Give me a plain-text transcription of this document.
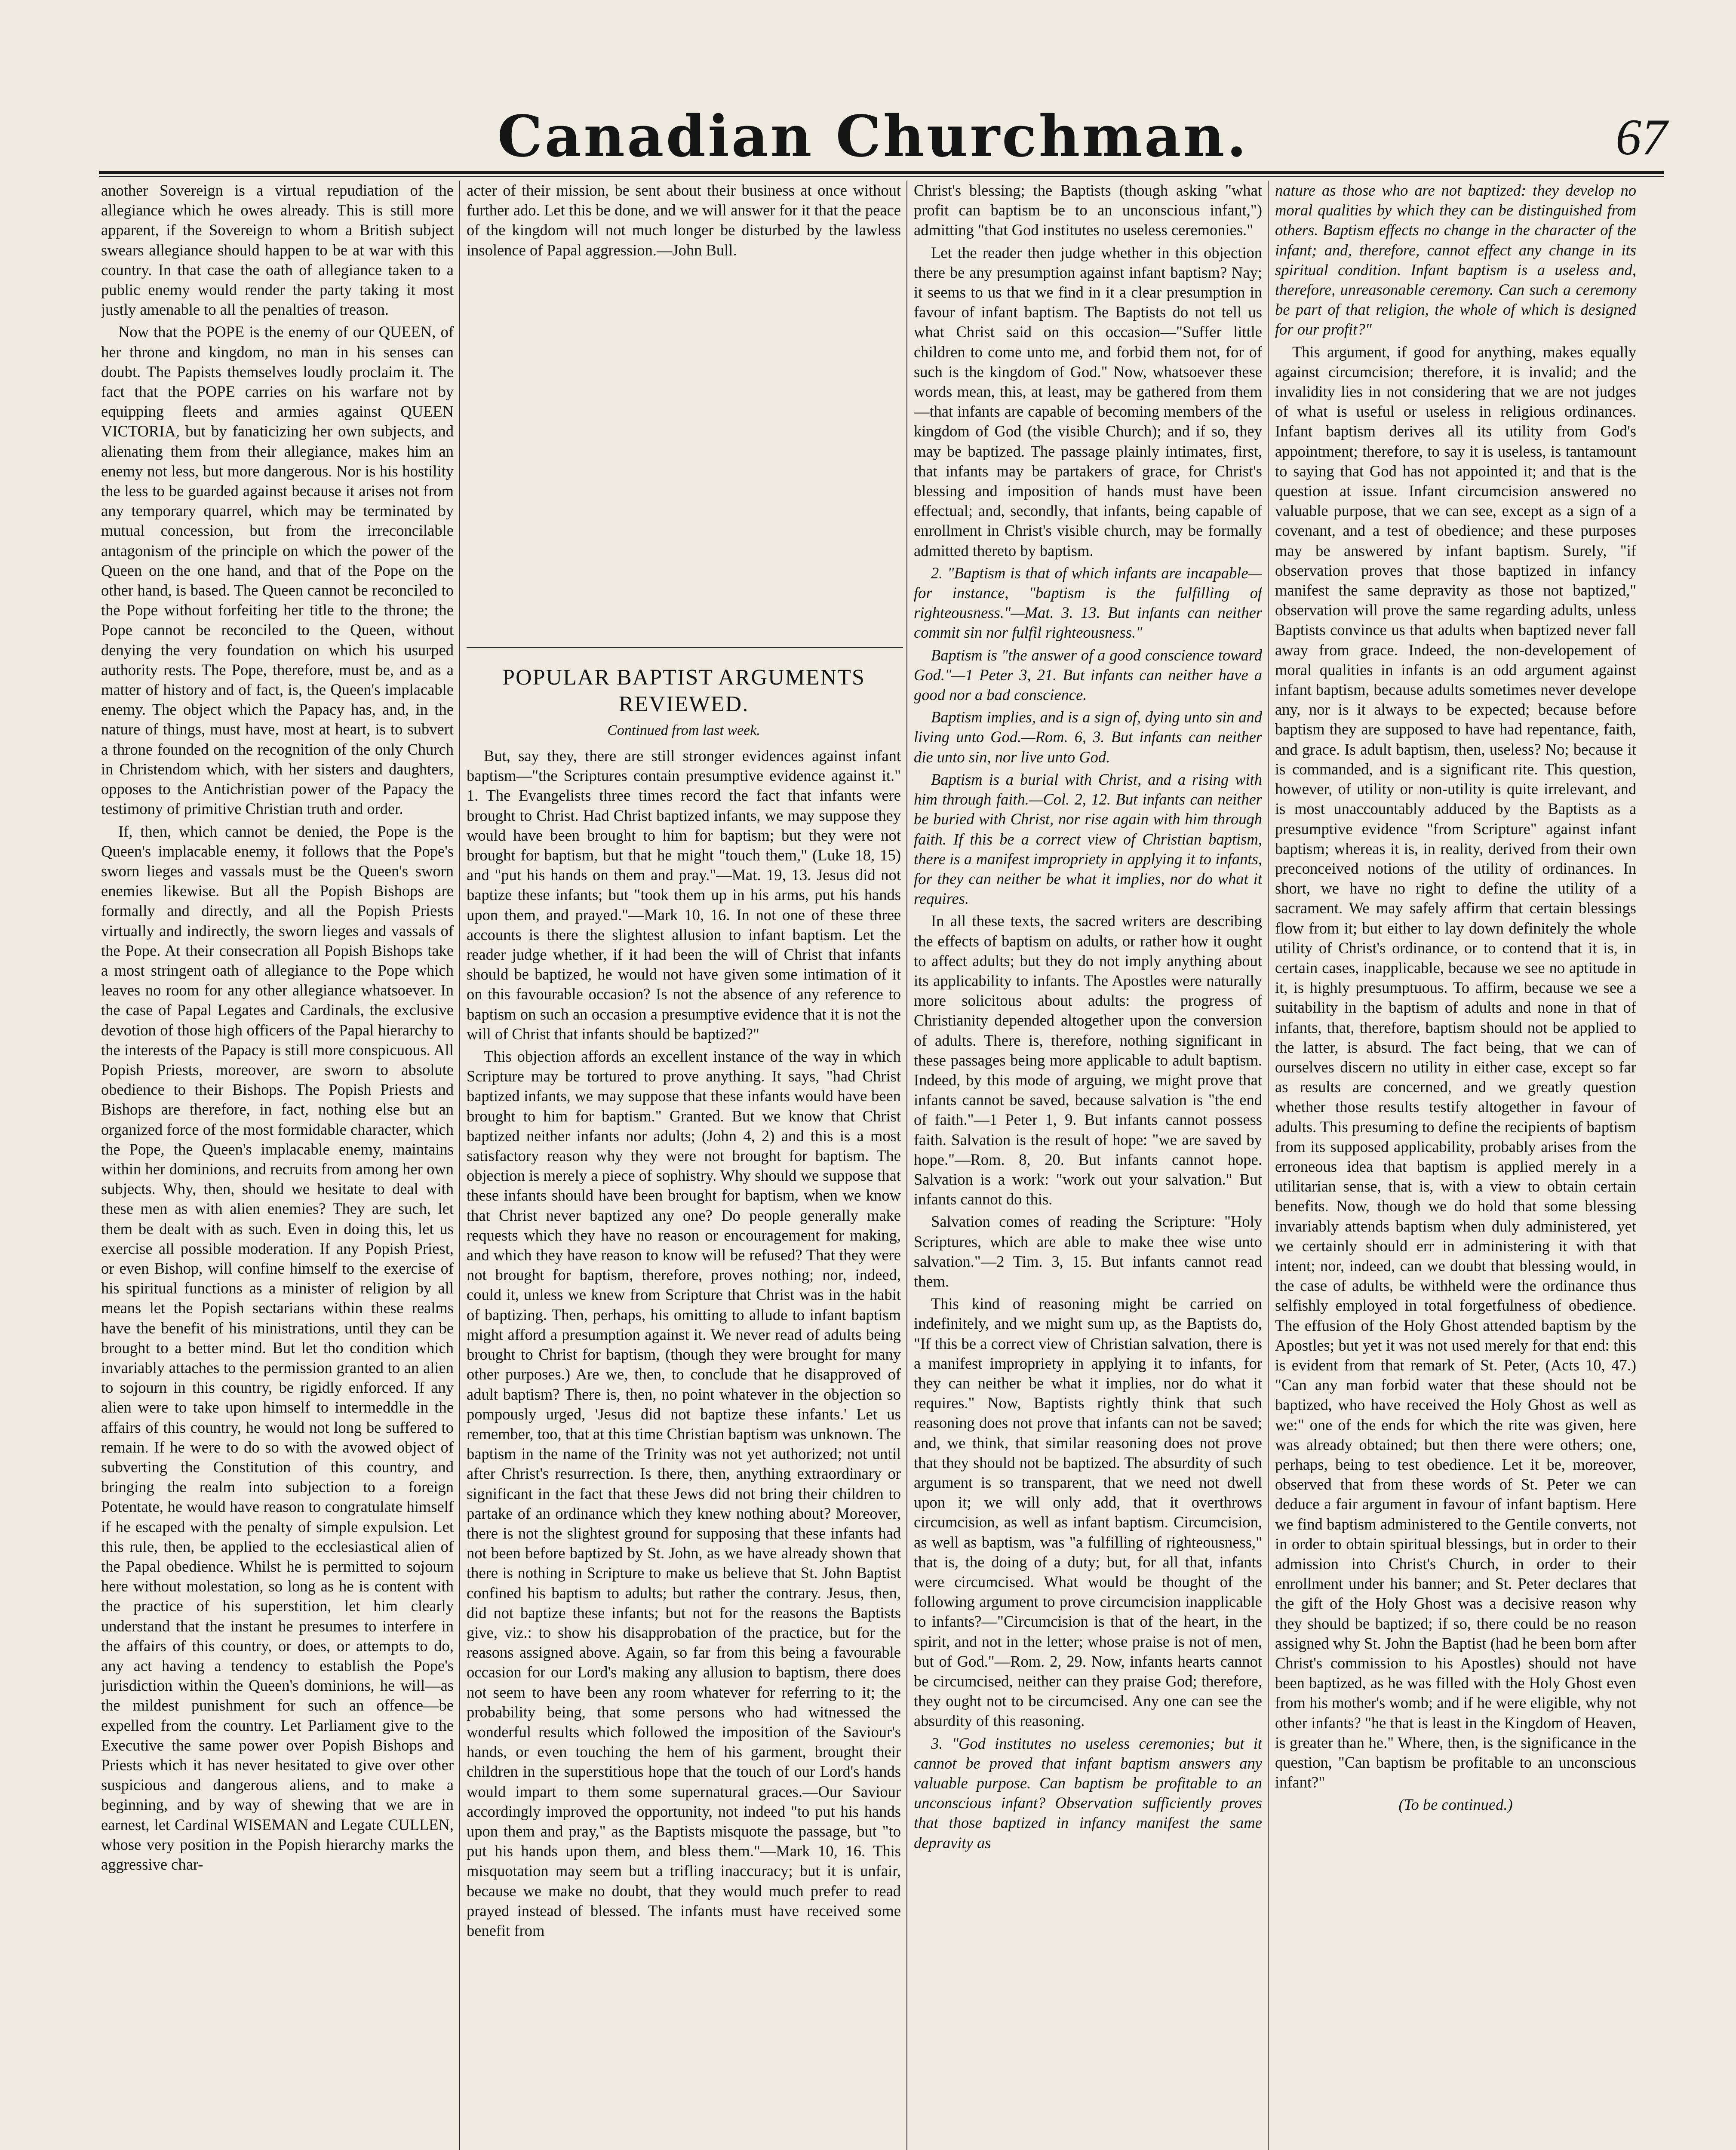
Canadian Churchman.	67

another Sovereign is a virtual repudiation of the allegiance which he owes already. This is still more apparent, if the Sovereign to whom a British subject swears allegiance should happen to be at war with this country. In that case the oath of allegiance taken to a public enemy would render the party taking it most justly amenable to all the penalties of treason.

Now that the POPE is the enemy of our QUEEN, of her throne and kingdom, no man in his senses can doubt. The Papists themselves loudly proclaim it. The fact that the POPE carries on his warfare not by equipping fleets and armies against QUEEN VICTORIA, but by fanaticizing her own subjects, and alienating them from their allegiance, makes him an enemy not less, but more dangerous. Nor is his hostility the less to be guarded against because it arises not from any temporary quarrel, which may be terminated by mutual concession, but from the irreconcilable antagonism of the principle on which the power of the Queen on the one hand, and that of the Pope on the other hand, is based. The Queen cannot be reconciled to the Pope without forfeiting her title to the throne; the Pope cannot be reconciled to the Queen, without denying the very foundation on which his usurped authority rests. The Pope, therefore, must be, and as a matter of history and of fact, is, the Queen's implacable enemy. The object which the Papacy has, and, in the nature of things, must have, most at heart, is to subvert a throne founded on the recognition of the only Church in Christendom which, with her sisters and daughters, opposes to the Antichristian power of the Papacy the testimony of primitive Christian truth and order.

If, then, which cannot be denied, the Pope is the Queen's implacable enemy, it follows that the Pope's sworn lieges and vassals must be the Queen's sworn enemies likewise. But all the Popish Bishops are formally and directly, and all the Popish Priests virtually and indirectly, the sworn lieges and vassals of the Pope. At their consecration all Popish Bishops take a most stringent oath of allegiance to the Pope which leaves no room for any other allegiance whatsoever. In the case of Papal Legates and Cardinals, the exclusive devotion of those high officers of the Papal hierarchy to the interests of the Papacy is still more conspicuous. All Popish Priests, moreover, are sworn to absolute obedience to their Bishops. The Popish Priests and Bishops are therefore, in fact, nothing else but an organized force of the most formidable character, which the Pope, the Queen's implacable enemy, maintains within her dominions, and recruits from among her own subjects. Why, then, should we hesitate to deal with these men as with alien enemies? They are such, let them be dealt with as such. Even in doing this, let us exercise all possible moderation. If any Popish Priest, or even Bishop, will confine himself to the exercise of his spiritual functions as a minister of religion by all means let the Popish sectarians within these realms have the benefit of his ministrations, until they can be brought to a better mind. But let tho condition which invariably attaches to the permission granted to an alien to sojourn in this country, be rigidly enforced. If any alien were to take upon himself to intermeddle in the affairs of this country, he would not long be suffered to remain. If he were to do so with the avowed object of subverting the Constitution of this country, and bringing the realm into subjection to a foreign Potentate, he would have reason to congratulate himself if he escaped with the penalty of simple expulsion. Let this rule, then, be applied to the ecclesiastical alien of the Papal obedience. Whilst he is permitted to sojourn here without molestation, so long as he is content with the practice of his superstition, let him clearly understand that the instant he presumes to interfere in the affairs of this country, or does, or attempts to do, any act having a tendency to establish the Pope's jurisdiction within the Queen's dominions, he will—as the mildest punishment for such an offence—be expelled from the country. Let Parliament give to the Executive the same power over Popish Bishops and Priests which it has never hesitated to give over other suspicious and dangerous aliens, and to make a beginning, and by way of shewing that we are in earnest, let Cardinal WISEMAN and Legate CULLEN, whose very position in the Popish hierarchy marks the aggressive char-

acter of their mission, be sent about their business at once without further ado. Let this be done, and we will answer for it that the peace of the kingdom will not much longer be disturbed by the lawless insolence of Papal aggression.—John Bull.

POPULAR BAPTIST ARGUMENTS REVIEWED.
Continued from last week.

But, say they, there are still stronger evidences against infant baptism—"the Scriptures contain presumptive evidence against it." 1. The Evangelists three times record the fact that infants were brought to Christ. Had Christ baptized infants, we may suppose they would have been brought to him for baptism; but they were not brought for baptism, but that he might "touch them," (Luke 18, 15) and "put his hands on them and pray."—Mat. 19, 13. Jesus did not baptize these infants; but "took them up in his arms, put his hands upon them, and prayed."—Mark 10, 16. In not one of these three accounts is there the slightest allusion to infant baptism. Let the reader judge whether, if it had been the will of Christ that infants should be baptized, he would not have given some intimation of it on this favourable occasion? Is not the absence of any reference to baptism on such an occasion a presumptive evidence that it is not the will of Christ that infants should be baptized?"

This objection affords an excellent instance of the way in which Scripture may be tortured to prove anything. It says, "had Christ baptized infants, we may suppose that these infants would have been brought to him for baptism." Granted. But we know that Christ baptized neither infants nor adults; (John 4, 2) and this is a most satisfactory reason why they were not brought for baptism. The objection is merely a piece of sophistry. Why should we suppose that these infants should have been brought for baptism, when we know that Christ never baptized any one? Do people generally make requests which they have no reason or encouragement for making, and which they have reason to know will be refused? That they were not brought for baptism, therefore, proves nothing; nor, indeed, could it, unless we knew from Scripture that Christ was in the habit of baptizing. Then, perhaps, his omitting to allude to infant baptism might afford a presumption against it. We never read of adults being brought to Christ for baptism, (though they were brought for many other purposes.) Are we, then, to conclude that he disapproved of adult baptism? There is, then, no point whatever in the objection so pompously urged, 'Jesus did not baptize these infants.' Let us remember, too, that at this time Christian baptism was unknown. The baptism in the name of the Trinity was not yet authorized; not until after Christ's resurrection. Is there, then, anything extraordinary or significant in the fact that these Jews did not bring their children to partake of an ordinance which they knew nothing about? Moreover, there is not the slightest ground for supposing that these infants had not been before baptized by St. John, as we have already shown that there is nothing in Scripture to make us believe that St. John Baptist confined his baptism to adults; but rather the contrary. Jesus, then, did not baptize these infants; but not for the reasons the Baptists give, viz.: to show his disapprobation of the practice, but for the reasons assigned above. Again, so far from this being a favourable occasion for our Lord's making any allusion to baptism, there does not seem to have been any room whatever for referring to it; the probability being, that some persons who had witnessed the wonderful results which followed the imposition of the Saviour's hands, or even touching the hem of his garment, brought their children in the superstitious hope that the touch of our Lord's hands would impart to them some supernatural graces.—Our Saviour accordingly improved the opportunity, not indeed "to put his hands upon them and pray," as the Baptists misquote the passage, but "to put his hands upon them, and bless them."—Mark 10, 16. This misquotation may seem but a trifling inaccuracy; but it is unfair, because we make no doubt, that they would much prefer to read prayed instead of blessed. The infants must have received some benefit from

Christ's blessing; the Baptists (though asking "what profit can baptism be to an unconscious infant,") admitting "that God institutes no useless ceremonies."

Let the reader then judge whether in this objection there be any presumption against infant baptism? Nay; it seems to us that we find in it a clear presumption in favour of infant baptism. The Baptists do not tell us what Christ said on this occasion—"Suffer little children to come unto me, and forbid them not, for of such is the kingdom of God." Now, whatsoever these words mean, this, at least, may be gathered from them—that infants are capable of becoming members of the kingdom of God (the visible Church); and if so, they may be baptized. The passage plainly intimates, first, that infants may be partakers of grace, for Christ's blessing and imposition of hands must have been effectual; and, secondly, that infants, being capable of enrollment in Christ's visible church, may be formally admitted thereto by baptism.

2. "Baptism is that of which infants are incapable—for instance, "baptism is the fulfilling of righteousness."—Mat. 3. 13. But infants can neither commit sin nor fulfil righteousness."

Baptism is "the answer of a good conscience toward God."—1 Peter 3, 21. But infants can neither have a good nor a bad conscience.

Baptism implies, and is a sign of, dying unto sin and living unto God.—Rom. 6, 3. But infants can neither die unto sin, nor live unto God.

Baptism is a burial with Christ, and a rising with him through faith.—Col. 2, 12. But infants can neither be buried with Christ, nor rise again with him through faith. If this be a correct view of Christian baptism, there is a manifest impropriety in applying it to infants, for they can neither be what it implies, nor do what it requires.

In all these texts, the sacred writers are describing the effects of baptism on adults, or rather how it ought to affect adults; but they do not imply anything about its applicability to infants. The Apostles were naturally more solicitous about adults: the progress of Christianity depended altogether upon the conversion of adults. There is, therefore, nothing significant in these passages being more applicable to adult baptism. Indeed, by this mode of arguing, we might prove that infants cannot be saved, because salvation is "the end of faith."—1 Peter 1, 9. But infants cannot possess faith. Salvation is the result of hope: "we are saved by hope."—Rom. 8, 20. But infants cannot hope. Salvation is a work: "work out your salvation." But infants cannot do this.

Salvation comes of reading the Scripture: "Holy Scriptures, which are able to make thee wise unto salvation."—2 Tim. 3, 15. But infants cannot read them.

This kind of reasoning might be carried on indefinitely, and we might sum up, as the Baptists do, "If this be a correct view of Christian salvation, there is a manifest impropriety in applying it to infants, for they can neither be what it implies, nor do what it requires." Now, Baptists rightly think that such reasoning does not prove that infants can not be saved; and, we think, that similar reasoning does not prove that they should not be baptized. The absurdity of such argument is so transparent, that we need not dwell upon it; we will only add, that it overthrows circumcision, as well as infant baptism. Circumcision, as well as baptism, was "a fulfilling of righteousness," that is, the doing of a duty; but, for all that, infants were circumcised. What would be thought of the following argument to prove circumcision inapplicable to infants?—"Circumcision is that of the heart, in the spirit, and not in the letter; whose praise is not of men, but of God."—Rom. 2, 29. Now, infants hearts cannot be circumcised, neither can they praise God; therefore, they ought not to be circumcised. Any one can see the absurdity of this reasoning.

3. "God institutes no useless ceremonies; but it cannot be proved that infant baptism answers any valuable purpose. Can baptism be profitable to an unconscious infant? Observation sufficiently proves that those baptized in infancy manifest the same depravity as

nature as those who are not baptized: they develop no moral qualities by which they can be distinguished from others. Baptism effects no change in the character of the infant; and, therefore, cannot effect any change in its spiritual condition. Infant baptism is a useless and, therefore, unreasonable ceremony. Can such a ceremony be part of that religion, the whole of which is designed for our profit?"

This argument, if good for anything, makes equally against circumcision; therefore, it is invalid; and the invalidity lies in not considering that we are not judges of what is useful or useless in religious ordinances. Infant baptism derives all its utility from God's appointment; therefore, to say it is useless, is tantamount to saying that God has not appointed it; and that is the question at issue. Infant circumcision answered no valuable purpose, that we can see, except as a sign of a covenant, and a test of obedience; and these purposes may be answered by infant baptism. Surely, "if observation proves that those baptized in infancy manifest the same depravity as those not baptized," observation will prove the same regarding adults, unless Baptists convince us that adults when baptized never fall away from grace. Indeed, the non-developement of moral qualities in infants is an odd argument against infant baptism, because adults sometimes never develope any, nor is it always to be expected; because before baptism they are supposed to have had repentance, faith, and grace. Is adult baptism, then, useless? No; because it is commanded, and is a significant rite. This question, however, of utility or non-utility is quite irrelevant, and is most unaccountably adduced by the Baptists as a presumptive evidence "from Scripture" against infant baptism; whereas it is, in reality, derived from their own preconceived notions of the utility of ordinances. In short, we have no right to define the utility of a sacrament. We may safely affirm that certain blessings flow from it; but either to lay down definitely the whole utility of Christ's ordinance, or to contend that it is, in certain cases, inapplicable, because we see no aptitude in it, is highly presumptuous. To affirm, because we see a suitability in the baptism of adults and none in that of infants, that, therefore, baptism should not be applied to the latter, is absurd. The fact being, that we can of ourselves discern no utility in either case, except so far as results are concerned, and we greatly question whether those results testify altogether in favour of adults. This presuming to define the recipients of baptism from its supposed applicability, probably arises from the erroneous idea that baptism is applied merely in a utilitarian sense, that is, with a view to obtain certain benefits. Now, though we do hold that some blessing invariably attends baptism when duly administered, yet we certainly should err in administering it with that intent; nor, indeed, can we doubt that blessing would, in the case of adults, be withheld were the ordinance thus selfishly employed in total forgetfulness of obedience. The effusion of the Holy Ghost attended baptism by the Apostles; but yet it was not used merely for that end: this is evident from that remark of St. Peter, (Acts 10, 47.) "Can any man forbid water that these should not be baptized, who have received the Holy Ghost as well as we:" one of the ends for which the rite was given, here was already obtained; but then there were others; one, perhaps, being to test obedience. Let it be, moreover, observed that from these words of St. Peter we can deduce a fair argument in favour of infant baptism. Here we find baptism administered to the Gentile converts, not in order to obtain spiritual blessings, but in order to their admission into Christ's Church, in order to their enrollment under his banner; and St. Peter declares that the gift of the Holy Ghost was a decisive reason why they should be baptized; if so, there could be no reason assigned why St. John the Baptist (had he been born after Christ's commission to his Apostles) should not have been baptized, as he was filled with the Holy Ghost even from his mother's womb; and if he were eligible, why not other infants? "he that is least in the Kingdom of Heaven, is greater than he." Where, then, is the significance in the question, "Can baptism be profitable to an unconscious infant?"

(To be continued.)
